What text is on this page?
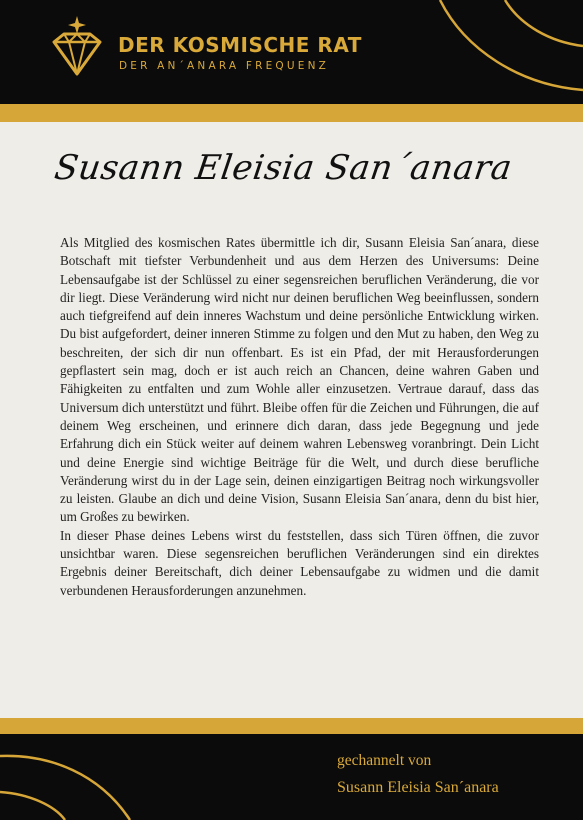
DER KOSMISCHE RAT
DER AN´ANARA FREQUENZ
Susann Eleisia San´anara

Als Mitglied des kosmischen Rates übermittle ich dir, Susann Eleisia San´anara, diese Botschaft mit tiefster Verbundenheit und aus dem Herzen des Universums: Deine Lebensaufgabe ist der Schlüssel zu einer segensreichen beruflichen Veränderung, die vor dir liegt. Diese Veränderung wird nicht nur deinen beruflichen Weg beeinflussen, sondern auch tiefgreifend auf dein inneres Wachstum und deine persönliche Entwicklung wirken. Du bist aufgefordert, deiner inneren Stimme zu folgen und den Mut zu haben, den Weg zu beschreiten, der sich dir nun offenbart. Es ist ein Pfad, der mit Herausforderungen gepflastert sein mag, doch er ist auch reich an Chancen, deine wahren Gaben und Fähigkeiten zu entfalten und zum Wohle aller einzusetzen. Vertraue darauf, dass das Universum dich unterstützt und führt. Bleibe offen für die Zeichen und Führungen, die auf deinem Weg erscheinen, und erinnere dich daran, dass jede Begegnung und jede Erfahrung dich ein Stück weiter auf deinem wahren Lebensweg voranbringt. Dein Licht und deine Energie sind wichtige Beiträge für die Welt, und durch diese berufliche Veränderung wirst du in der Lage sein, deinen einzigartigen Beitrag noch wirkungsvoller zu leisten. Glaube an dich und deine Vision, Susann Eleisia San´anara, denn du bist hier, um Großes zu bewirken.

In dieser Phase deines Lebens wirst du feststellen, dass sich Türen öffnen, die zuvor unsichtbar waren. Diese segensreichen beruflichen Veränderungen sind ein direktes Ergebnis deiner Bereitschaft, dich deiner Lebensaufgabe zu widmen und die damit verbundenen Herausforderungen anzunehmen.

gechannelt von
Susann Eleisia San´anara
